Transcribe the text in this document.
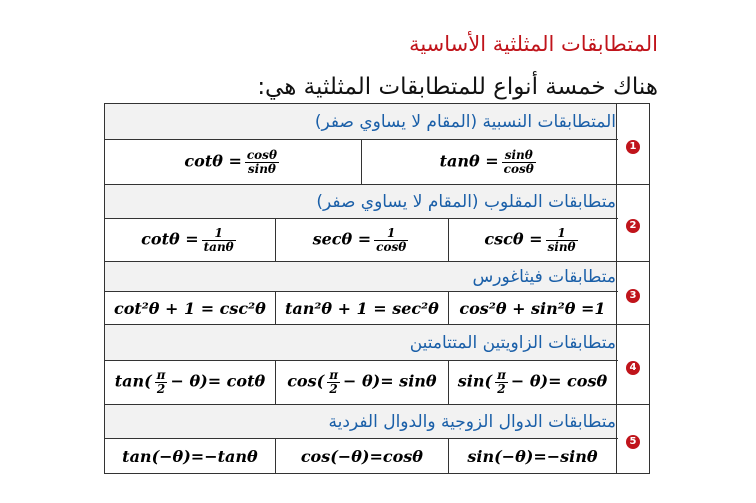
المتطابقات المثلثية الأساسية
هناك خمسة أنواع للمتطابقات المثلثية هي:
المتطابقات النسبية (المقام لا يساوي صفر)				1
$\cot\theta = \frac{\cos\theta}{\sin\theta}$		$\tan\theta = \frac{\sin\theta}{\cos\theta}$

متطابقات المقلوب (المقام لا يساوي صفر)				2
$\cot\theta = \frac{1}{\tan\theta}$	$\sec\theta = \frac{1}{\cos\theta}$		$\csc\theta = \frac{1}{\sin\theta}$

متطابقات فيثاغورس				3
cot²θ + 1 = csc²θ	tan²θ + 1 = sec²θ		cos²θ + sin²θ =1	
متطابقات الزاويتين المتتامتين				4
$\tan( \frac{\pi}{2} - \theta)= \cot\theta$	$\cos( \frac{\pi}{2} - \theta)= \sin\theta$		$\sin( \frac{\pi}{2} - \theta)= \cos\theta$	
متطابقات الدوال الزوجية والدوال الفردية				5
tan(−θ)=−tanθ	cos(−θ)=cosθ		sin(−θ)=−sinθ	
